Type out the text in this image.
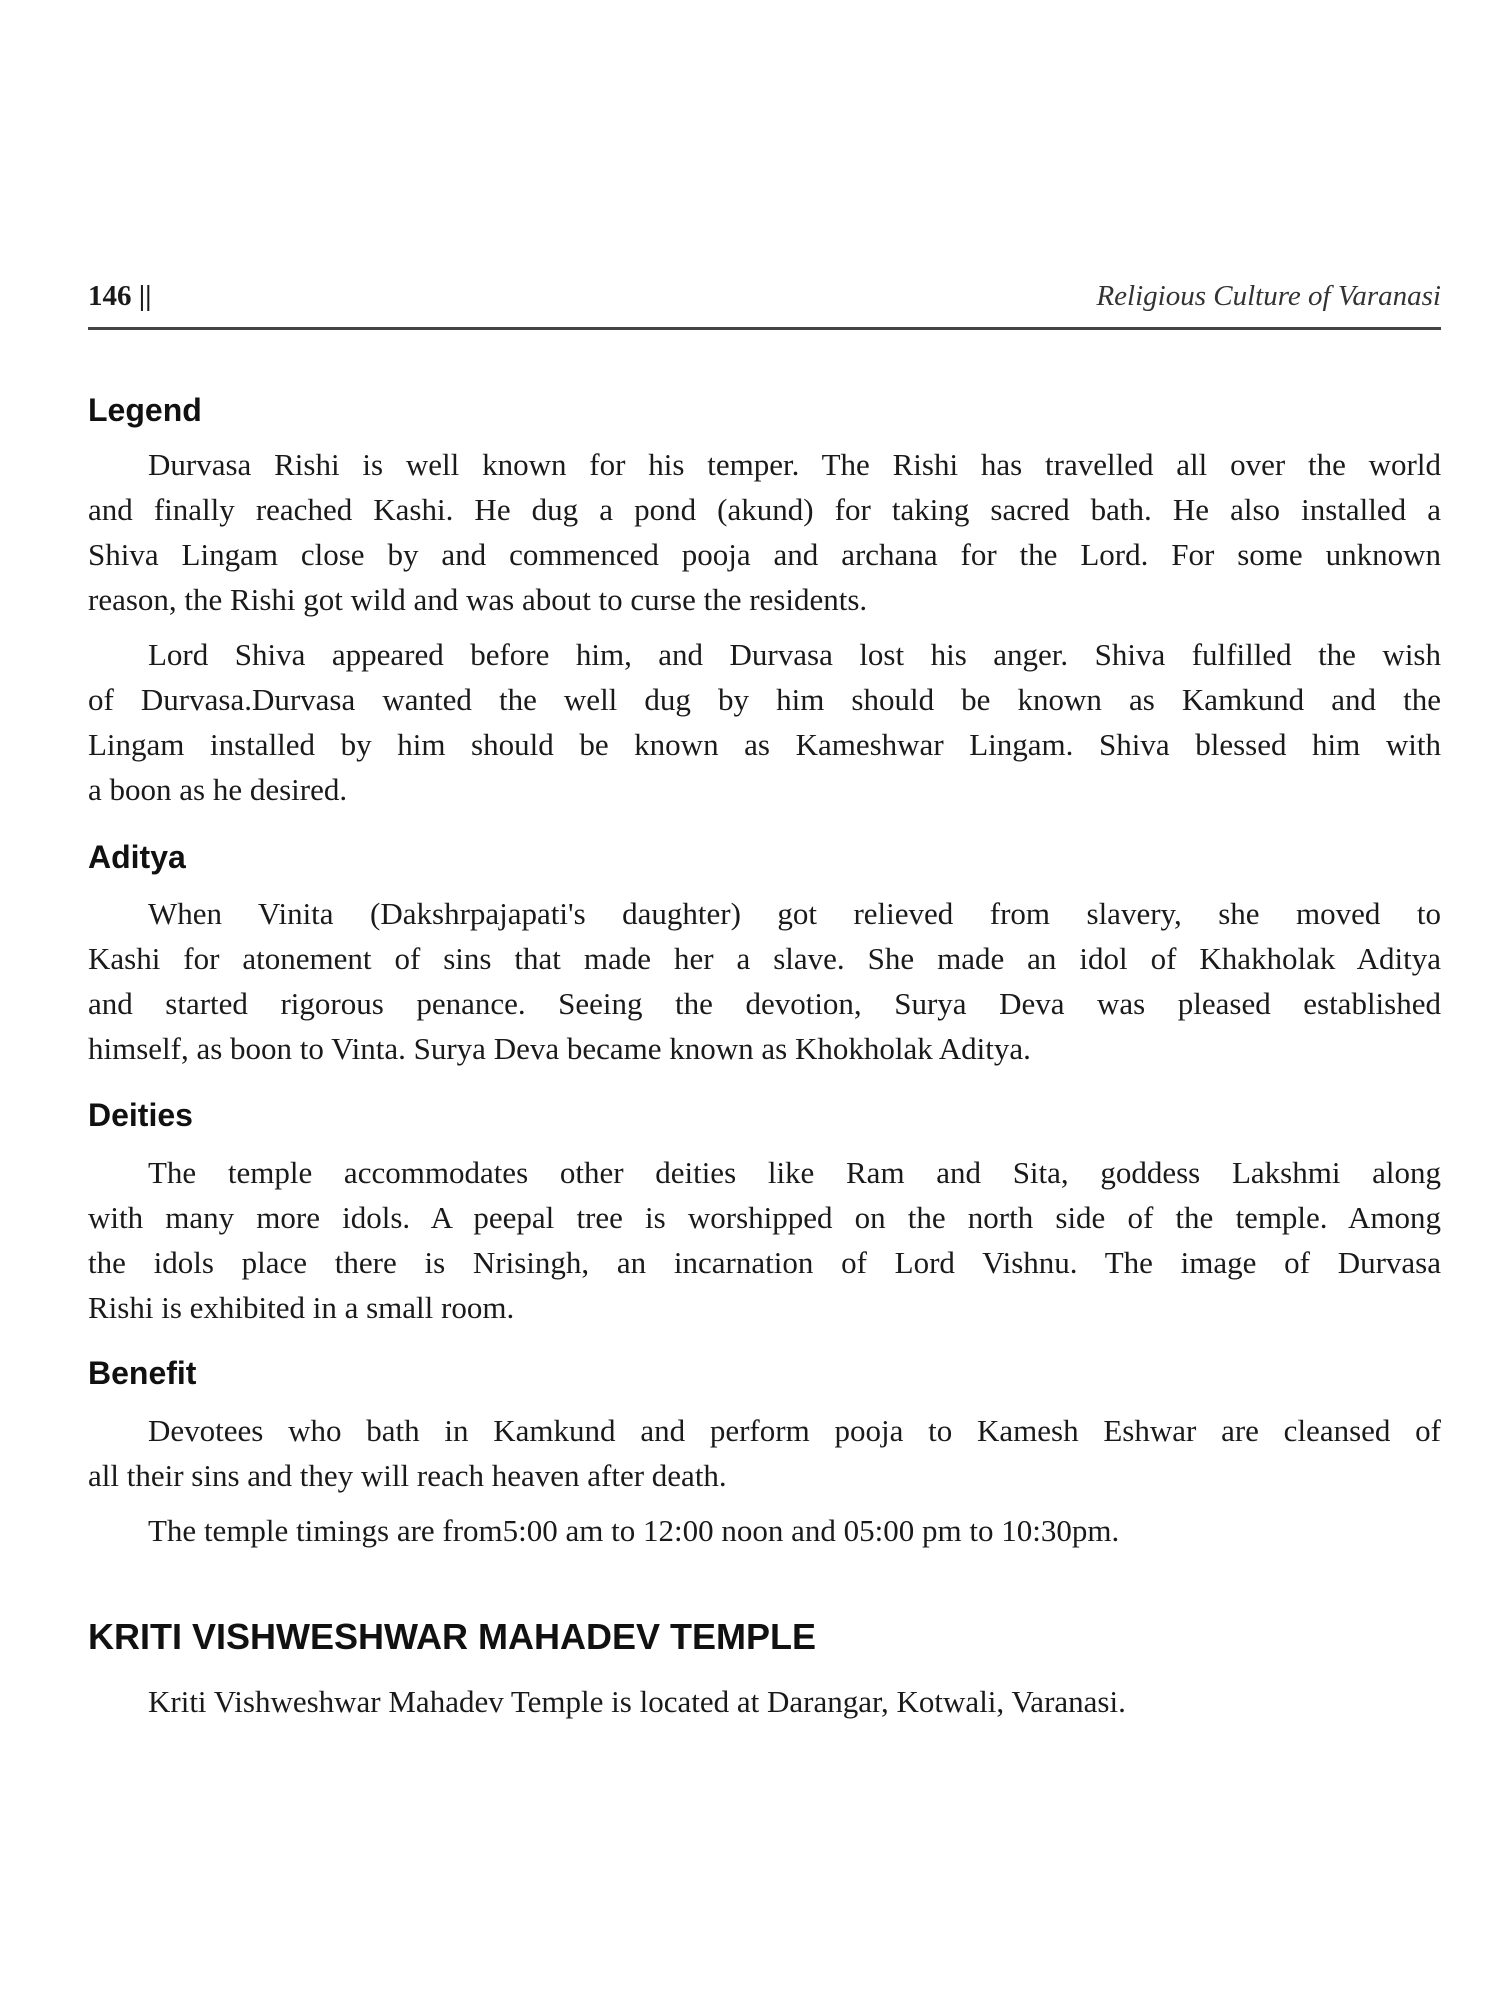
146 ||	Religious Culture of Varanasi
Legend
Durvasa Rishi is well known for his temper. The Rishi has travelled all over the world
and finally reached Kashi. He dug a pond (akund) for taking sacred bath. He also installed a
Shiva Lingam close by and commenced pooja and archana for the Lord. For some unknown
reason, the Rishi got wild and was about to curse the residents.
Lord Shiva appeared before him, and Durvasa lost his anger. Shiva fulfilled the wish
of Durvasa.Durvasa wanted the well dug by him should be known as Kamkund and the
Lingam installed by him should be known as Kameshwar Lingam. Shiva blessed him with
a boon as he desired.
Aditya
When Vinita (Dakshrpajapati's daughter) got relieved from slavery, she moved to
Kashi for atonement of sins that made her a slave. She made an idol of Khakholak Aditya
and started rigorous penance. Seeing the devotion, Surya Deva was pleased established
himself, as boon to Vinta. Surya Deva became known as Khokholak Aditya.
Deities
The temple accommodates other deities like Ram and Sita, goddess Lakshmi along
with many more idols. A peepal tree is worshipped on the north side of the temple. Among
the idols place there is Nrisingh, an incarnation of Lord Vishnu. The image of Durvasa
Rishi is exhibited in a small room.
Benefit
Devotees who bath in Kamkund and perform pooja to Kamesh Eshwar are cleansed of
all their sins and they will reach heaven after death.
The temple timings are from5:00 am to 12:00 noon and 05:00 pm to 10:30pm.
KRITI VISHWESHWAR MAHADEV TEMPLE
Kriti Vishweshwar Mahadev Temple is located at Darangar, Kotwali, Varanasi.
